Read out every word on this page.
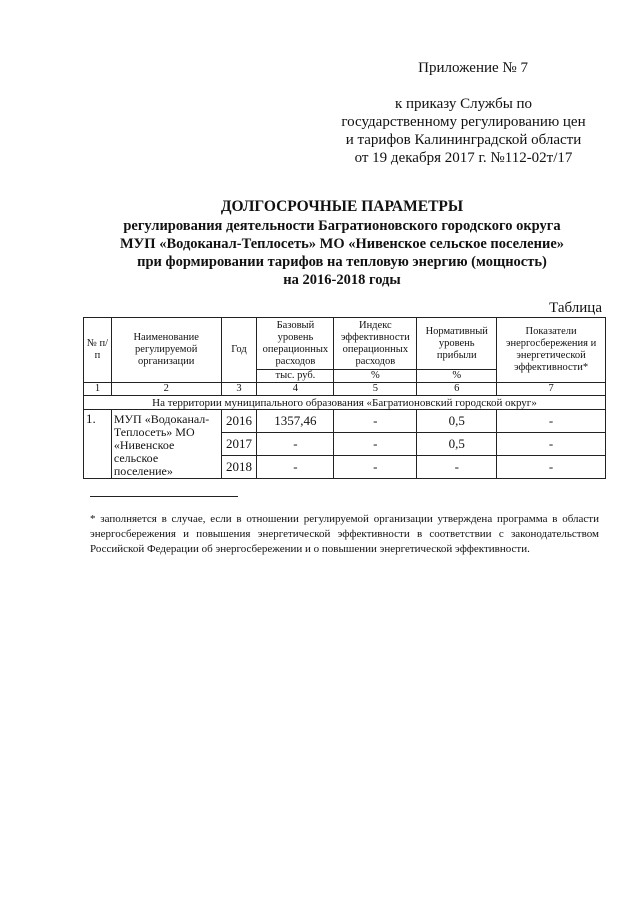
Приложение № 7
к приказу Службы по
государственному регулированию цен
и тарифов Калининградской области
от 19 декабря 2017 г. №112-02т/17
ДОЛГОСРОЧНЫЕ ПАРАМЕТРЫ
регулирования деятельности Багратионовского городского округа
МУП «Водоканал-Теплосеть» МО «Нивенское сельское поселение»
при формировании тарифов на тепловую энергию (мощность)
на 2016-2018 годы
Таблица
№ п/п	Наименование регулируемой организации	Год	Базовый уровень операционных расходов	Индекс эффективности операционных расходов	Нормативный уровень прибыли	Показатели энергосбережения и энергетической эффективности*
			тыс. руб.	%	%	
1	2	3	4	5	6	7
На территории муниципального образования «Багратионовский городской округ»						
1.	МУП «Водоканал-Теплосеть» МО «Нивенское сельское поселение»	2016	1357,46	-	0,5	-
		2017	-	-	0,5	-
		2018	-	-	-	-
* заполняется в случае, если в отношении регулируемой организации утверждена программа в области энергосбережения и повышения энергетической эффективности в соответствии с законодательством Российской Федерации об энергосбережении и о повышении энергетической эффективности.
